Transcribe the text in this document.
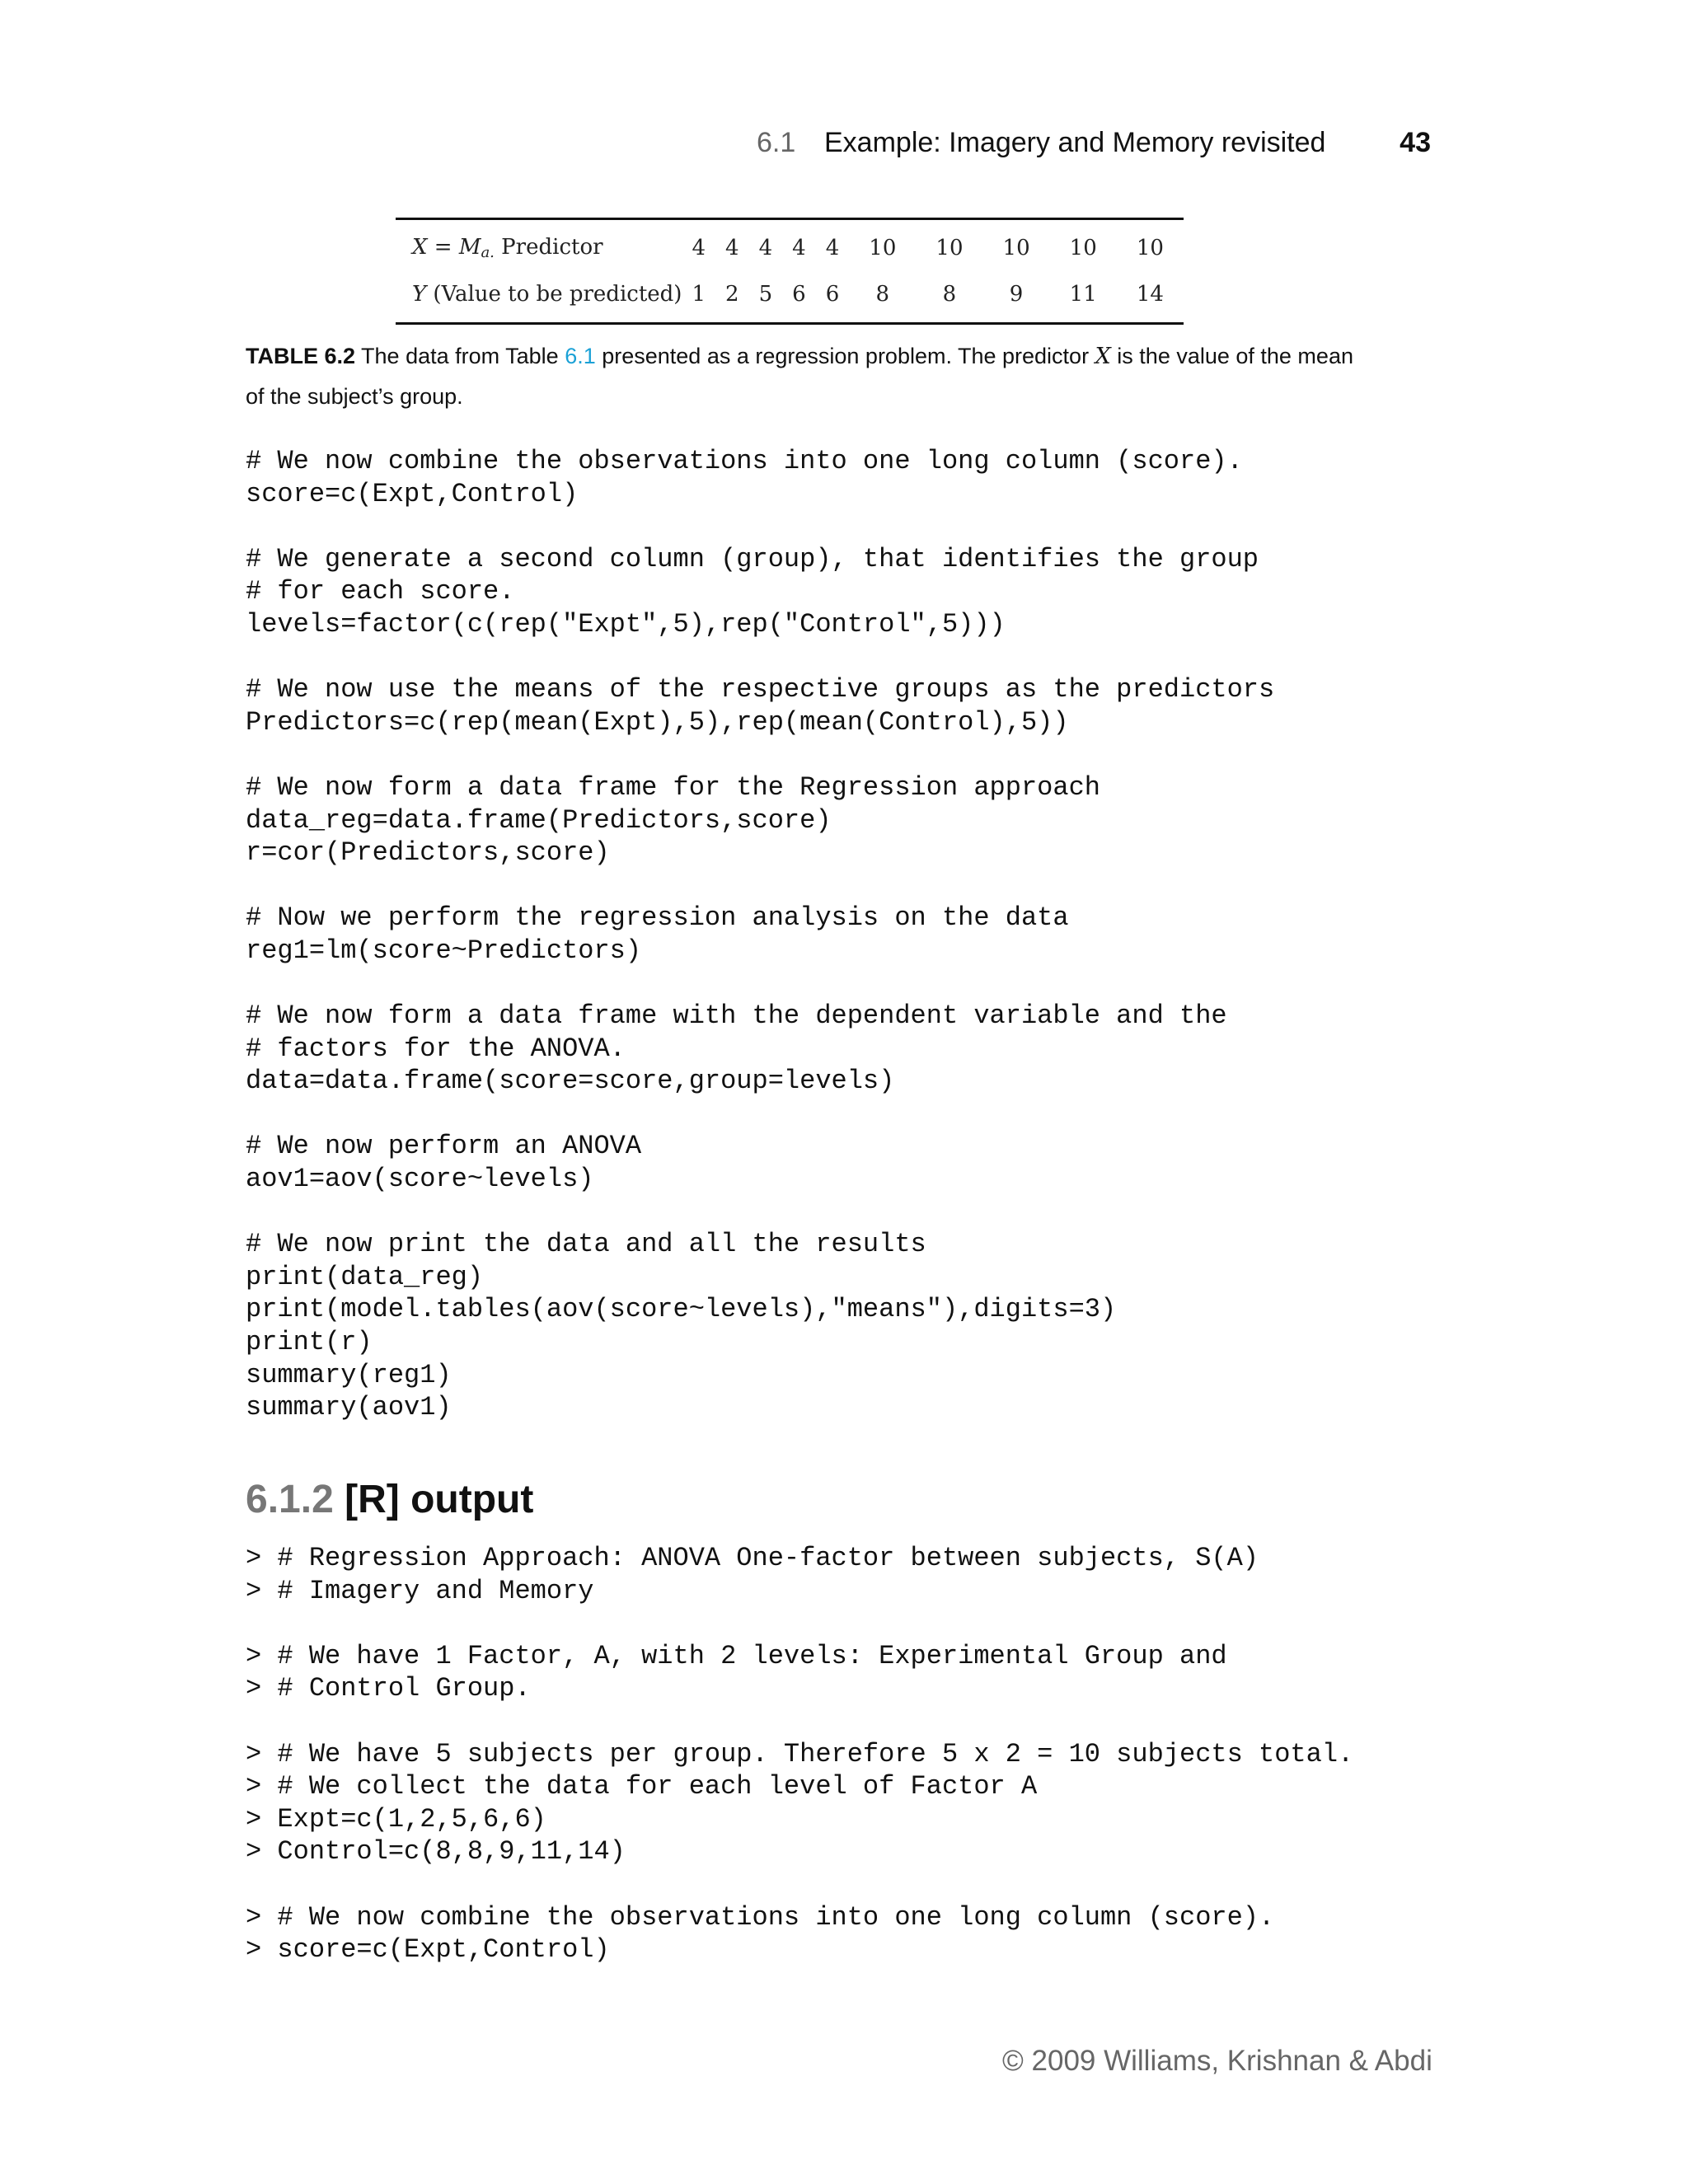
6.1 Example: Imagery and Memory revisited	43
$X = M_{a.}$ Predictor	4	4	4	4	4	10	10	10	10	10
Y (Value to be predicted)	1	2	5	6	6	8	8	9	11	14
TABLE 6.2 The data from Table 6.1 presented as a regression problem. The predictor X is the value of the mean of the subject’s group.
# We now combine the observations into one long column (score).
score=c(Expt,Control)

# We generate a second column (group), that identifies the group
# for each score.
levels=factor(c(rep("Expt",5),rep("Control",5)))

# We now use the means of the respective groups as the predictors
Predictors=c(rep(mean(Expt),5),rep(mean(Control),5))

# We now form a data frame for the Regression approach
data_reg=data.frame(Predictors,score)
r=cor(Predictors,score)

# Now we perform the regression analysis on the data
reg1=lm(score~Predictors)

# We now form a data frame with the dependent variable and the
# factors for the ANOVA.
data=data.frame(score=score,group=levels)

# We now perform an ANOVA
aov1=aov(score~levels)

# We now print the data and all the results
print(data_reg)
print(model.tables(aov(score~levels),"means"),digits=3)
print(r)
summary(reg1)
summary(aov1)

6.1.2 [R] output
> # Regression Approach: ANOVA One-factor between subjects, S(A)
> # Imagery and Memory

> # We have 1 Factor, A, with 2 levels: Experimental Group and
> # Control Group.

> # We have 5 subjects per group. Therefore 5 x 2 = 10 subjects total.
> # We collect the data for each level of Factor A
> Expt=c(1,2,5,6,6)
> Control=c(8,8,9,11,14)

> # We now combine the observations into one long column (score).
> score=c(Expt,Control)

© 2009 Williams, Krishnan & Abdi
